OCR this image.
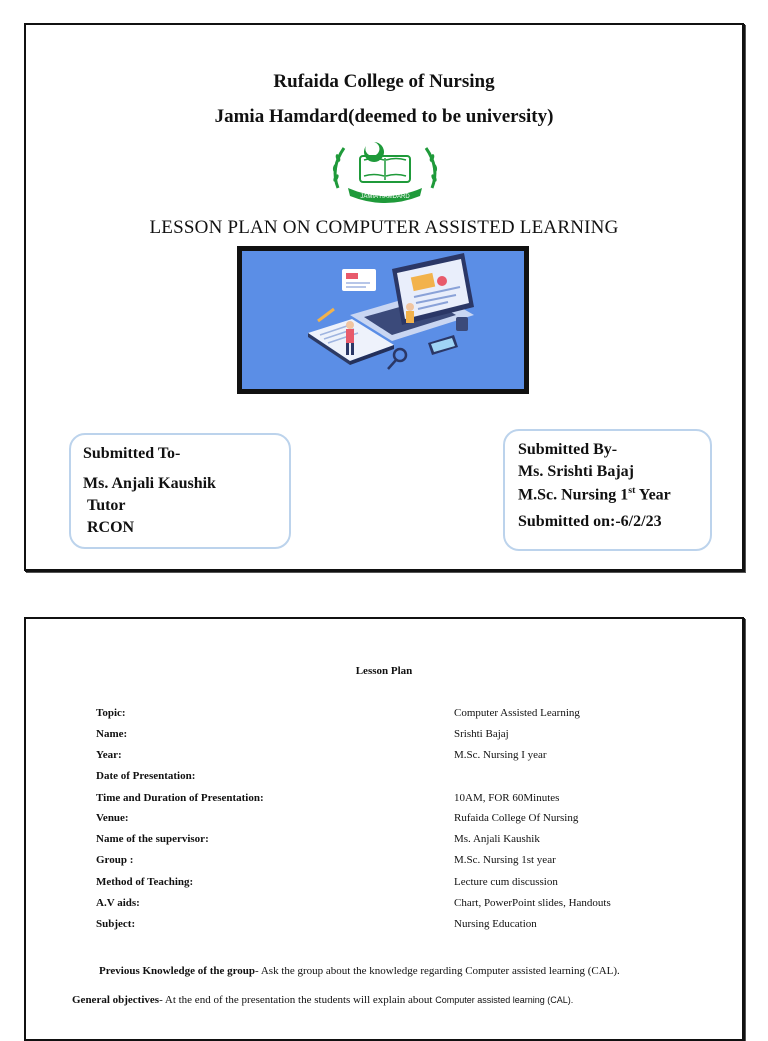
Rufaida College of Nursing
Jamia Hamdard(deemed to be university)
JAMIA HAMDARD
LESSON PLAN ON COMPUTER ASSISTED LEARNING
Submitted To-
Ms. Anjali Kaushik
Tutor
RCON
Submitted By-
Ms. Srishti Bajaj
M.Sc. Nursing 1st Year
Submitted on:-6/2/23
Lesson Plan
Topic:	Computer Assisted Learning
Name:	Srishti Bajaj
Year:	M.Sc. Nursing I year
Date of Presentation:
Time and Duration of Presentation:	10AM, FOR 60Minutes
Venue:	Rufaida College Of Nursing
Name of the supervisor:	Ms. Anjali Kaushik
Group :	M.Sc. Nursing 1st year
Method of Teaching:	Lecture cum discussion
A.V aids:	Chart, PowerPoint slides, Handouts
Subject:	Nursing Education
Previous Knowledge of the group- Ask the group about the knowledge regarding Computer assisted learning (CAL).
General objectives- At the end of the presentation the students will explain about Computer assisted learning (CAL).
